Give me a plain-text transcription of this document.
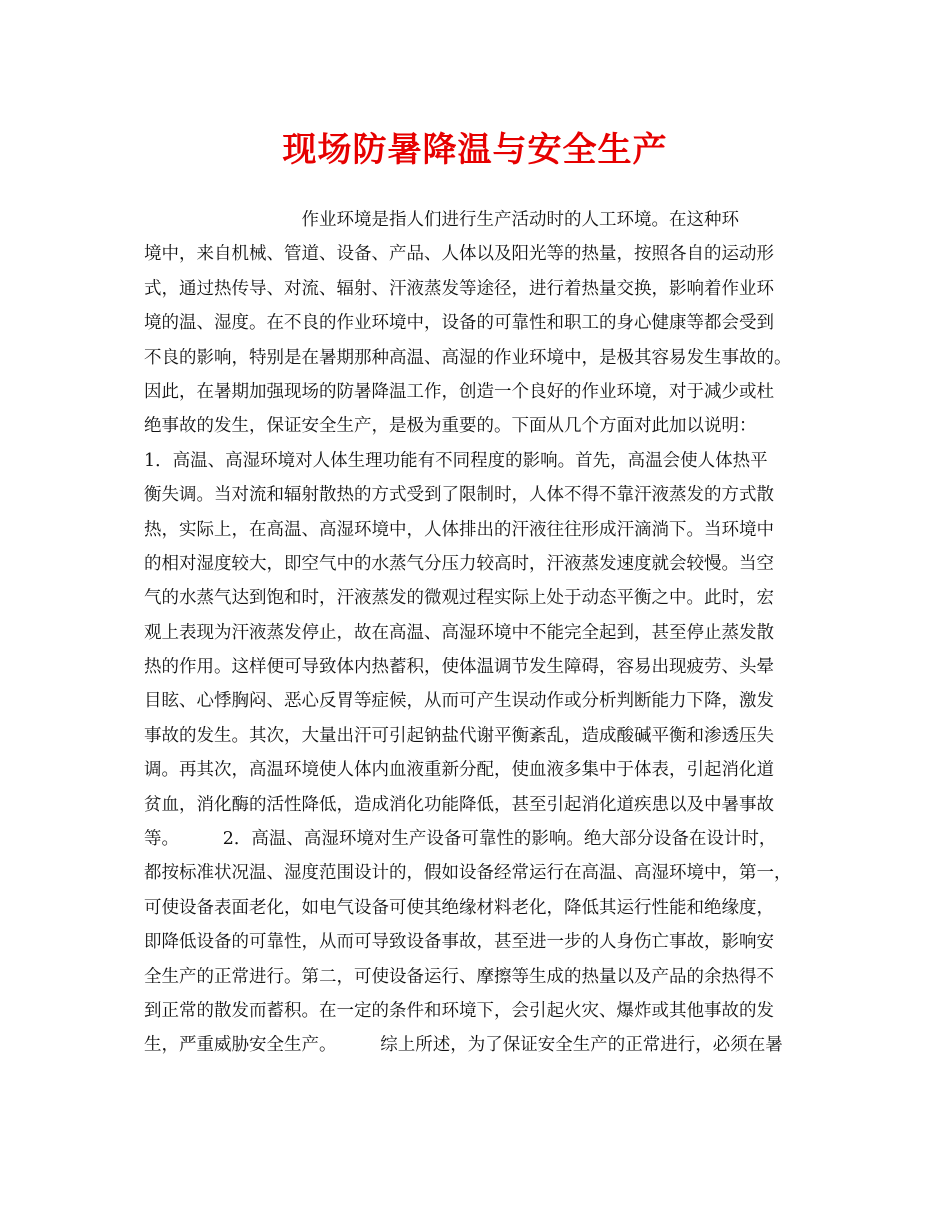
现场防暑降温与安全生产
　　　　　　　　　作业环境是指人们进行生产活动时的人工环境。在这种环
境中，来自机械、管道、设备、产品、人体以及阳光等的热量，按照各自的运动形
式，通过热传导、对流、辐射、汗液蒸发等途径，进行着热量交换，影响着作业环
境的温、湿度。在不良的作业环境中，设备的可靠性和职工的身心健康等都会受到
不良的影响，特别是在暑期那种高温、高湿的作业环境中，是极其容易发生事故的。
因此，在暑期加强现场的防暑降温工作，创造一个良好的作业环境，对于减少或杜
绝事故的发生，保证安全生产，是极为重要的。下面从几个方面对此加以说明：
1．高温、高湿环境对人体生理功能有不同程度的影响。首先，高温会使人体热平
衡失调。当对流和辐射散热的方式受到了限制时，人体不得不靠汗液蒸发的方式散
热，实际上，在高温、高湿环境中，人体排出的汗液往往形成汗滴淌下。当环境中
的相对湿度较大，即空气中的水蒸气分压力较高时，汗液蒸发速度就会较慢。当空
气的水蒸气达到饱和时，汗液蒸发的微观过程实际上处于动态平衡之中。此时，宏
观上表现为汗液蒸发停止，故在高温、高湿环境中不能完全起到，甚至停止蒸发散
热的作用。这样便可导致体内热蓄积，使体温调节发生障碍，容易出现疲劳、头晕
目眩、心悸胸闷、恶心反胃等症候，从而可产生误动作或分析判断能力下降，激发
事故的发生。其次，大量出汗可引起钠盐代谢平衡紊乱，造成酸碱平衡和渗透压失
调。再其次，高温环境使人体内血液重新分配，使血液多集中于体表，引起消化道
贫血，消化酶的活性降低，造成消化功能降低，甚至引起消化道疾患以及中暑事故
等。　　　2．高温、高湿环境对生产设备可靠性的影响。绝大部分设备在设计时，
都按标准状况温、湿度范围设计的，假如设备经常运行在高温、高湿环境中，第一，
可使设备表面老化，如电气设备可使其绝缘材料老化，降低其运行性能和绝缘度，
即降低设备的可靠性，从而可导致设备事故，甚至进一步的人身伤亡事故，影响安
全生产的正常进行。第二，可使设备运行、摩擦等生成的热量以及产品的余热得不
到正常的散发而蓄积。在一定的条件和环境下，会引起火灾、爆炸或其他事故的发
生，严重威胁安全生产。　　　综上所述，为了保证安全生产的正常进行，必须在暑
